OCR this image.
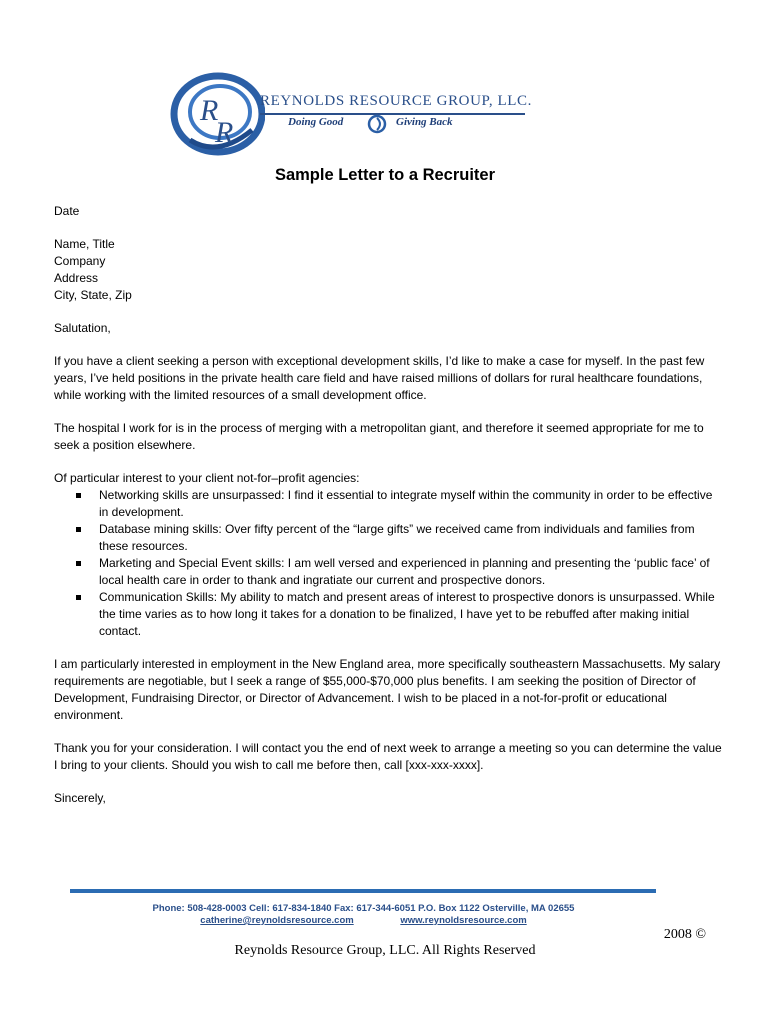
R
R
REYNOLDS RESOURCE GROUP, LLC.
Doing Good	Giving Back
Sample Letter to a Recruiter

Date

Name, Title

Company

Address

City, State, Zip

Salutation,

If you have a client seeking a person with exceptional development skills, I’d like to make a case for myself. In the past few years, I’ve held positions in the private health care field and have raised millions of dollars for rural healthcare foundations, while working with the limited resources of a small development office.

The hospital I work for is in the process of merging with a metropolitan giant, and therefore it seemed appropriate for me to seek a position elsewhere.

Of particular interest to your client not-for–profit agencies:

Networking skills are unsurpassed: I find it essential to integrate myself within the community in order to be effective in development.
Database mining skills: Over fifty percent of the “large gifts” we received came from individuals and families from these resources.
Marketing and Special Event skills: I am well versed and experienced in planning and presenting the ‘public face’ of local health care in order to thank and ingratiate our current and prospective donors.
Communication Skills: My ability to match and present areas of interest to prospective donors is unsurpassed. While the time varies as to how long it takes for a donation to be finalized, I have yet to be rebuffed after making initial contact.

I am particularly interested in employment in the New England area, more specifically southeastern Massachusetts. My salary requirements are negotiable, but I seek a range of $55,000-$70,000 plus benefits. I am seeking the position of Director of Development, Fundraising Director, or Director of Advancement. I wish to be placed in a not-for-profit or educational environment.

Thank you for your consideration. I will contact you the end of next week to arrange a meeting so you can determine the value I bring to your clients. Should you wish to call me before then, call [xxx-xxx-xxxx].

Sincerely,

Phone: 508-428-0003 Cell: 617-834-1840 Fax: 617-344-6051 P.O. Box 1122 Osterville, MA 02655
catherine@reynoldsresource.com	www.reynoldsresource.com
2008 ©
Reynolds Resource Group, LLC. All Rights Reserved
